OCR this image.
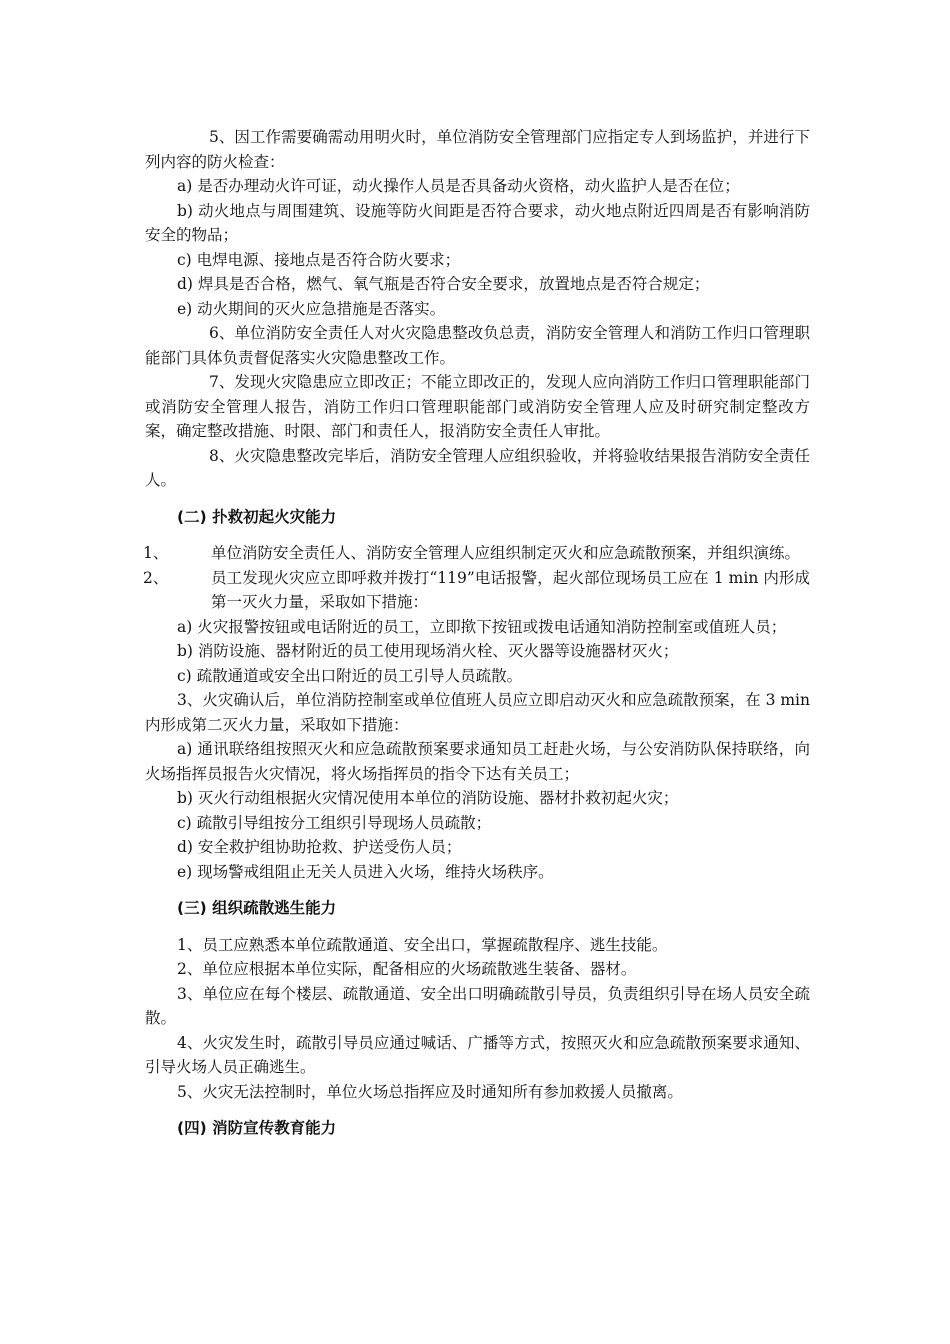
5、因工作需要确需动用明火时，单位消防安全管理部门应指定专人到场监护，并进行下列内容的防火检查：

a) 是否办理动火许可证，动火操作人员是否具备动火资格，动火监护人是否在位；

b) 动火地点与周围建筑、设施等防火间距是否符合要求，动火地点附近四周是否有影响消防安全的物品；

c) 电焊电源、接地点是否符合防火要求；

d) 焊具是否合格，燃气、氧气瓶是否符合安全要求，放置地点是否符合规定；

e) 动火期间的灭火应急措施是否落实。

6、单位消防安全责任人对火灾隐患整改负总责，消防安全管理人和消防工作归口管理职能部门具体负责督促落实火灾隐患整改工作。

7、发现火灾隐患应立即改正；不能立即改正的，发现人应向消防工作归口管理职能部门或消防安全管理人报告，消防工作归口管理职能部门或消防安全管理人应及时研究制定整改方案，确定整改措施、时限、部门和责任人，报消防安全责任人审批。

8、火灾隐患整改完毕后，消防安全管理人应组织验收，并将验收结果报告消防安全责任人。

(二) 扑救初起火灾能力

1、	单位消防安全责任人、消防安全管理人应组织制定灭火和应急疏散预案，并组织演练。

2、	员工发现火灾应立即呼救并拨打“119”电话报警，起火部位现场员工应在 1 min 内形成第一灭火力量，采取如下措施：

a) 火灾报警按钮或电话附近的员工，立即揿下按钮或拨电话通知消防控制室或值班人员；

b) 消防设施、器材附近的员工使用现场消火栓、灭火器等设施器材灭火；

c) 疏散通道或安全出口附近的员工引导人员疏散。

3、火灾确认后，单位消防控制室或单位值班人员应立即启动灭火和应急疏散预案，在 3 min 内形成第二灭火力量，采取如下措施：

a) 通讯联络组按照灭火和应急疏散预案要求通知员工赶赴火场，与公安消防队保持联络，向火场指挥员报告火灾情况，将火场指挥员的指令下达有关员工；

b) 灭火行动组根据火灾情况使用本单位的消防设施、器材扑救初起火灾；

c) 疏散引导组按分工组织引导现场人员疏散；

d) 安全救护组协助抢救、护送受伤人员；

e) 现场警戒组阻止无关人员进入火场，维持火场秩序。

(三) 组织疏散逃生能力

1、员工应熟悉本单位疏散通道、安全出口，掌握疏散程序、逃生技能。

2、单位应根据本单位实际，配备相应的火场疏散逃生装备、器材。

3、单位应在每个楼层、疏散通道、安全出口明确疏散引导员，负责组织引导在场人员安全疏散。

4、火灾发生时，疏散引导员应通过喊话、广播等方式，按照灭火和应急疏散预案要求通知、引导火场人员正确逃生。

5、火灾无法控制时，单位火场总指挥应及时通知所有参加救援人员撤离。

(四) 消防宣传教育能力
